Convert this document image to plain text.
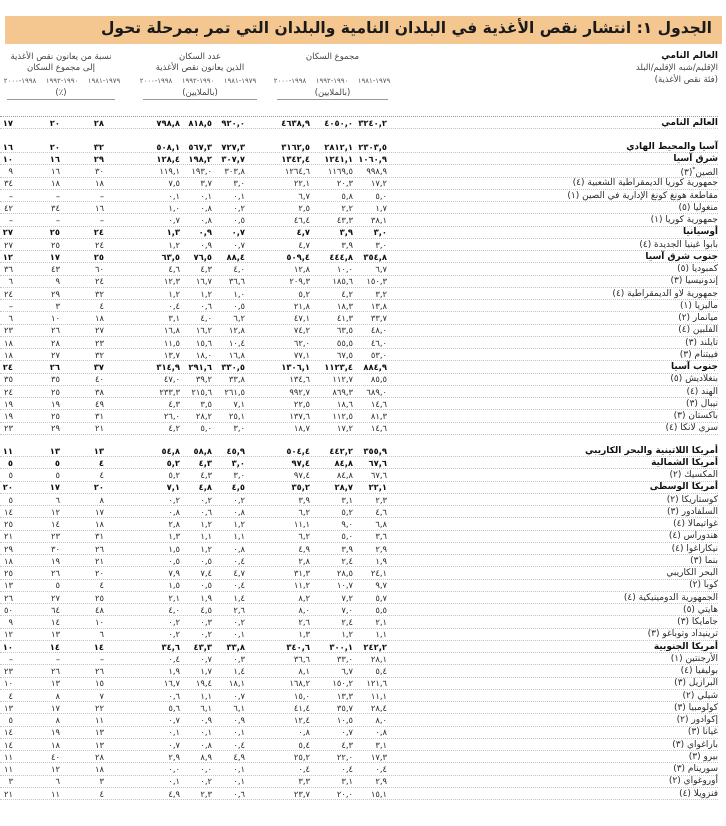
الجدول ١: انتشار نقص الأغذية في البلدان النامية والبلدان التي تمر بمرحلة تحول
العالم النامي
الإقليم/شبه الإقليم/البلد
(فئة نقص الأغذية)
مجموع السكان
(بالملايين)
عدد السكان
الذين يعانون نقص الأغذية
(بالملايين)
نسبة من يعانون نقص الأغذية
إلى مجموع السكان
(٪)
١٩٧٩-١٩٨١
١٩٩٠-١٩٩٢
١٩٩٨-٢٠٠٠
١٩٧٩-١٩٨١
١٩٩٠-١٩٩٢
١٩٩٨-٢٠٠٠
١٩٧٩-١٩٨١
١٩٩٠-١٩٩٢
١٩٩٨-٢٠٠٠
العالم النامي
٣٢٤٠,٢
٤٠٥٠,٠
٤٦٣٨,٩
٩٢٠,٠
٨١٨,٥
٧٩٨,٨
٢٨
٢٠
١٧
آسيا والمحيط الهادي
٢٣٠٣,٥
٢٨١٢,١
٣١٦٢,٥
٧٢٧,٣
٥٦٧,٣
٥٠٨,١
٣٢
٢٠
١٦
شرق آسيا
١٠٦٠,٩
١٢٤١,١
١٣٤٢,٤
٣٠٧,٧
١٩٨,٢
١٢٨,٤
٢٩
١٦
١٠
الصين*(٣)
٩٩٨,٩
١١٦٩,٥
١٢٦٤,٦
٣٠٣,٨
١٩٣,٠
١١٩,١
٣٠
١٦
٩
جمهورية كوريا الديمقراطية الشعبية (٤)
١٧,٢
٢٠,٣
٢٢,١
٣,٠
٣,٧
٧,٥
١٨
١٨
٣٤
مقاطعة هونغ كونغ الإدارية في الصين (١)
٥,٠
٥,٨
٦,٧
٠,١
٠,١
٠,١
–
–
–
منغوليا (٥)
١,٧
٢,٢
٢,٥
٠,٢
٠,٨
١,٠
١٦
٣٤
٤٢
جمهورية كوريا (١)
٣٨,١
٤٣,٣
٤٦,٤
٠,٥
٠,٨
٠,٧
–
–
–
أوسيانيا
٣,٠
٣,٩
٤,٧
٠,٧
٠,٩
١,٣
٢٤
٢٥
٢٧
بابوا غينيا الجديدة (٤)
٣,٠
٣,٩
٤,٧
٠,٧
٠,٩
١,٢
٢٤
٢٥
٢٧
جنوب شرق آسيا
٣٥٤,٨
٤٤٤,٨
٥٠٩,٤
٨٨,٤
٧٦,٥
٦٣,٥
٢٥
١٧
١٢
كمبوديا (٥)
٦,٧
١٠,٠
١٢,٨
٤,٠
٤,٣
٤,٦
٦٠
٤٣
٣٦
إندونيسيا (٣)
١٥٠,٣
١٨٥,٦
٢٠٩,٣
٣٦,٦
١٦,٧
١٢,٣
٢٤
٩
٦
جمهورية لاو الديمقراطية (٤)
٣,٢
٤,٢
٥,٢
١,٠
١,٢
١,٢
٣٢
٢٩
٢٤
ماليزيا (١)
١٣,٨
١٨,٣
٢١,٨
٠,٥
٠,٦
٠,٤
٤
٣
–
ميانمار (٢)
٣٣,٧
٤١,٣
٤٧,١
٦,٢
٤,٠
٣,١
١٨
١٠
٦
الفلبين (٤)
٤٨,٠
٦٣,٥
٧٤,٢
١٢,٨
١٦,٢
١٦,٨
٢٧
٢٦
٢٣
تايلند (٣)
٤٦,٠
٥٥,٥
٦٢,٠
١٠,٤
١٥,٦
١١,٥
٢٣
٢٨
١٨
فييتنام (٣)
٥٣,٠
٦٧,٥
٧٧,١
١٦,٨
١٨,٠
١٣,٧
٣٢
٢٧
١٨
جنوب آسيا
٨٨٤,٩
١١٢٣,٤
١٣٠٦,١
٣٣٠,٥
٢٩١,٦
٣١٤,٩
٣٧
٢٦
٢٤
بنغلاديش (٥)
٨٥,٥
١١٢,٧
١٣٤,٦
٣٣,٨
٣٩,٢
٤٧,٠
٤٠
٣٥
٣٥
الهند (٤)
٦٨٩,٠
٨٦٩,٣
٩٩٢,٧
٢٦١,٥
٢١٥,٦
٢٣٣,٣
٣٨
٢٥
٢٤
نيبال (٣)
١٤,٦
١٨,٦
٢٢,٥
٧,١
٣,٥
٤,٣
٤٩
١٩
١٩
باكستان (٣)
٨١,٣
١١٢,٥
١٣٧,٦
٢٥,١
٢٨,٢
٢٦,٠
٣١
٢٥
١٩
سري لانكا (٤)
١٤,٦
١٧,٢
١٨,٧
٣,٠
٥,٠
٤,٢
٢١
٢٩
٢٣
أمريكا اللاتينية والبحر الكاريبي
٣٥٥,٩
٤٤٢,٢
٥٠٤,٤
٤٥,٩
٥٨,٨
٥٤,٨
١٣
١٣
١١
أمريكا الشمالية
٦٧,٦
٨٤,٨
٩٧,٤
٣,٠
٤,٣
٥,٢
٤
٥
٥
المكسيك (٢)
٦٧,٦
٨٤,٨
٩٧,٤
٣,٠
٤,٣
٥,٢
٤
٥
٥
أمريكا الوسطى
٢٢,١
٢٨,٧
٣٥,٢
٤,٥
٤,٨
٧,١
٢٠
١٧
٢٠
كوستاريكا (٢)
٢,٣
٣,١
٣,٩
٠,٢
٠,٢
٠,٢
٨
٦
٥
السلفادور (٣)
٤,٦
٥,٢
٦,٢
٠,٨
٠,٦
٠,٨
١٧
١٢
١٤
غواتيمالا (٤)
٦,٨
٩,٠
١١,١
١,٢
١,٢
٢,٨
١٨
١٤
٢٥
هندوراس (٤)
٣,٦
٥,٠
٦,٢
١,١
١,١
١,٣
٣١
٢٣
٢١
نيكاراغوا (٤)
٢,٩
٣,٩
٤,٩
٠,٨
١,٢
١,٥
٢٦
٣٠
٢٩
بنما (٣)
١,٩
٢,٤
٢,٨
٠,٤
٠,٥
٠,٥
٢١
١٩
١٨
البحر الكاريبي
٢٤,١
٢٨,٥
٣١,٣
٤,٧
٧,٤
٧,٩
٢٠
٢٦
٢٥
كوبا (٢)
٩,٧
١٠,٧
١١,٢
٠,٤
٠,٥
١,٥
٤
٥
١٣
الجمهورية الدومينيكية (٤)
٥,٧
٧,٢
٨,٢
١,٤
١,٩
٢,١
٢٥
٢٧
٢٦
هايتي (٥)
٥,٥
٧,٠
٨,٠
٢,٦
٤,٥
٤,٠
٤٨
٦٤
٥٠
جامايكا (٣)
٢,١
٢,٤
٢,٦
٠,٢
٠,٣
٠,٢
١٠
١٤
٩
ترينيداد وتوباغو (٣)
١,١
١,٢
١,٣
٠,١
٠,٢
٠,٢
٦
١٣
١٢
أمريكا الجنوبية
٢٤٢,٢
٣٠٠,١
٣٤٠,٦
٣٣,٨
٤٣,٣
٣٤,٦
١٤
١٤
١٠
الأرجنتين (١)
٢٨,١
٣٣,٠
٣٦,٦
٠,٣
٠,٧
٠,٤
–
–
–
بوليفيا (٤)
٥,٤
٦,٧
٨,١
١,٤
١,٧
١,٩
٢٦
٢٦
٢٣
البرازيل (٣)
١٢١,٦
١٥٠,٢
١٦٨,٢
١٨,١
١٩,٤
١٦,٧
١٥
١٣
١٠
شيلي (٢)
١١,١
١٣,٣
١٥,٠
٠,٧
١,١
٠,٦
٧
٨
٤
كولومبيا (٣)
٢٨,٤
٣٥,٧
٤١,٤
٦,١
٦,١
٥,٦
٢٢
١٧
١٣
إكوادور (٢)
٨,٠
١٠,٥
١٢,٤
٠,٩
٠,٩
٠,٧
١١
٨
٥
غيانا (٣)
٠,٨
٠,٧
٠,٨
٠,١
٠,١
٠,١
١٣
١٩
١٤
باراغواي (٣)
٣,١
٤,٣
٥,٤
٠,٤
٠,٨
٠,٧
١٣
١٨
١٤
بيرو (٣)
١٧,٣
٢٢,٠
٢٥,٢
٤,٩
٨,٩
٢,٩
٢٨
٤٠
١١
سورينام (٣)
٠,٤
٠,٤
٠,٤
٠,١
٠,٠
٠,٠
١٨
١٢
١١
أوروغواي (٢)
٢,٩
٣,١
٣,٣
٠,١
٠,٢
٠,١
٣
٦
٣
فنزويلا (٤)
١٥,١
٢٠,٠
٢٣,٧
٠,٦
٢,٣
٤,٩
٤
١١
٢١
